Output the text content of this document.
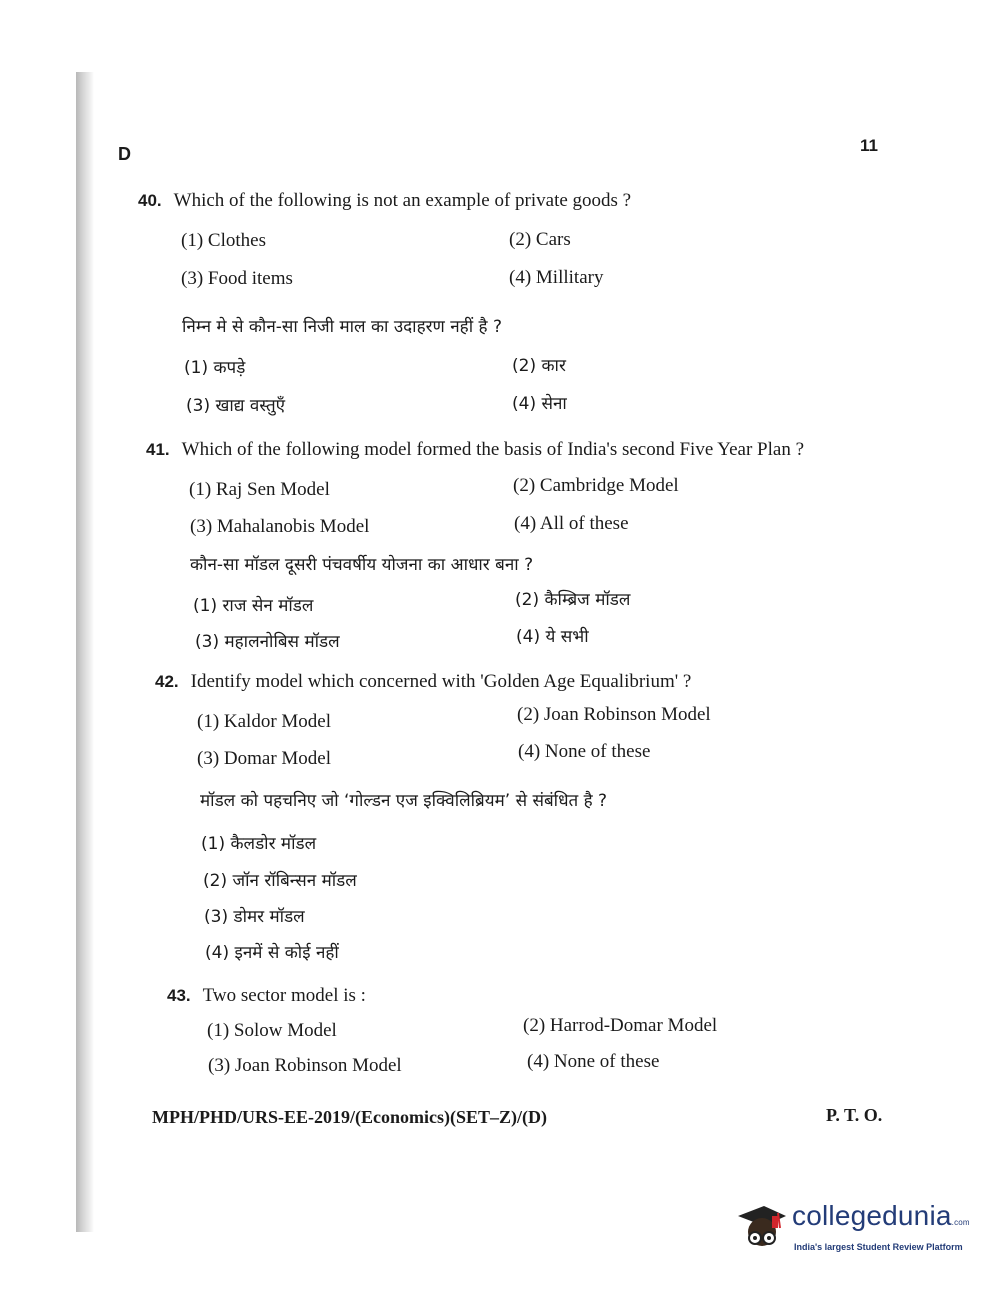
D	11
40. Which of the following is not an example of private goods ?
(1) Clothes	(2) Cars
(3) Food items	(4) Millitary
निम्न मे से कौन-सा निजी माल का उदाहरण नहीं है ?
(1) कपड़े	(2) कार
(3) खाद्य वस्तुएँ	(4) सेना
41. Which of the following model formed the basis of India's second Five Year Plan ?
(1) Raj Sen Model	(2) Cambridge Model
(3) Mahalanobis Model	(4) All of these
कौन-सा मॉडल दूसरी पंचवर्षीय योजना का आधार बना ?
(1) राज सेन मॉडल	(2) कैम्ब्रिज मॉडल
(3) महालनोबिस मॉडल	(4) ये सभी
42. Identify model which concerned with 'Golden Age Equalibrium' ?
(1) Kaldor Model	(2) Joan Robinson Model
(3) Domar Model	(4) None of these
मॉडल को पहचनिए जो ‘गोल्डन एज इक्विलिब्रियम’ से संबंधित है ?
(1) कैलडोर मॉडल
(2) जॉन रॉबिन्सन मॉडल
(3) डोमर मॉडल
(4) इनमें से कोई नहीं
43. Two sector model is :
(1) Solow Model	(2) Harrod-Domar Model
(3) Joan Robinson Model	(4) None of these
MPH/PHD/URS-EE-2019/(Economics)(SET–Z)/(D)	P. T. O.
collegedunia.com
India's largest Student Review Platform
